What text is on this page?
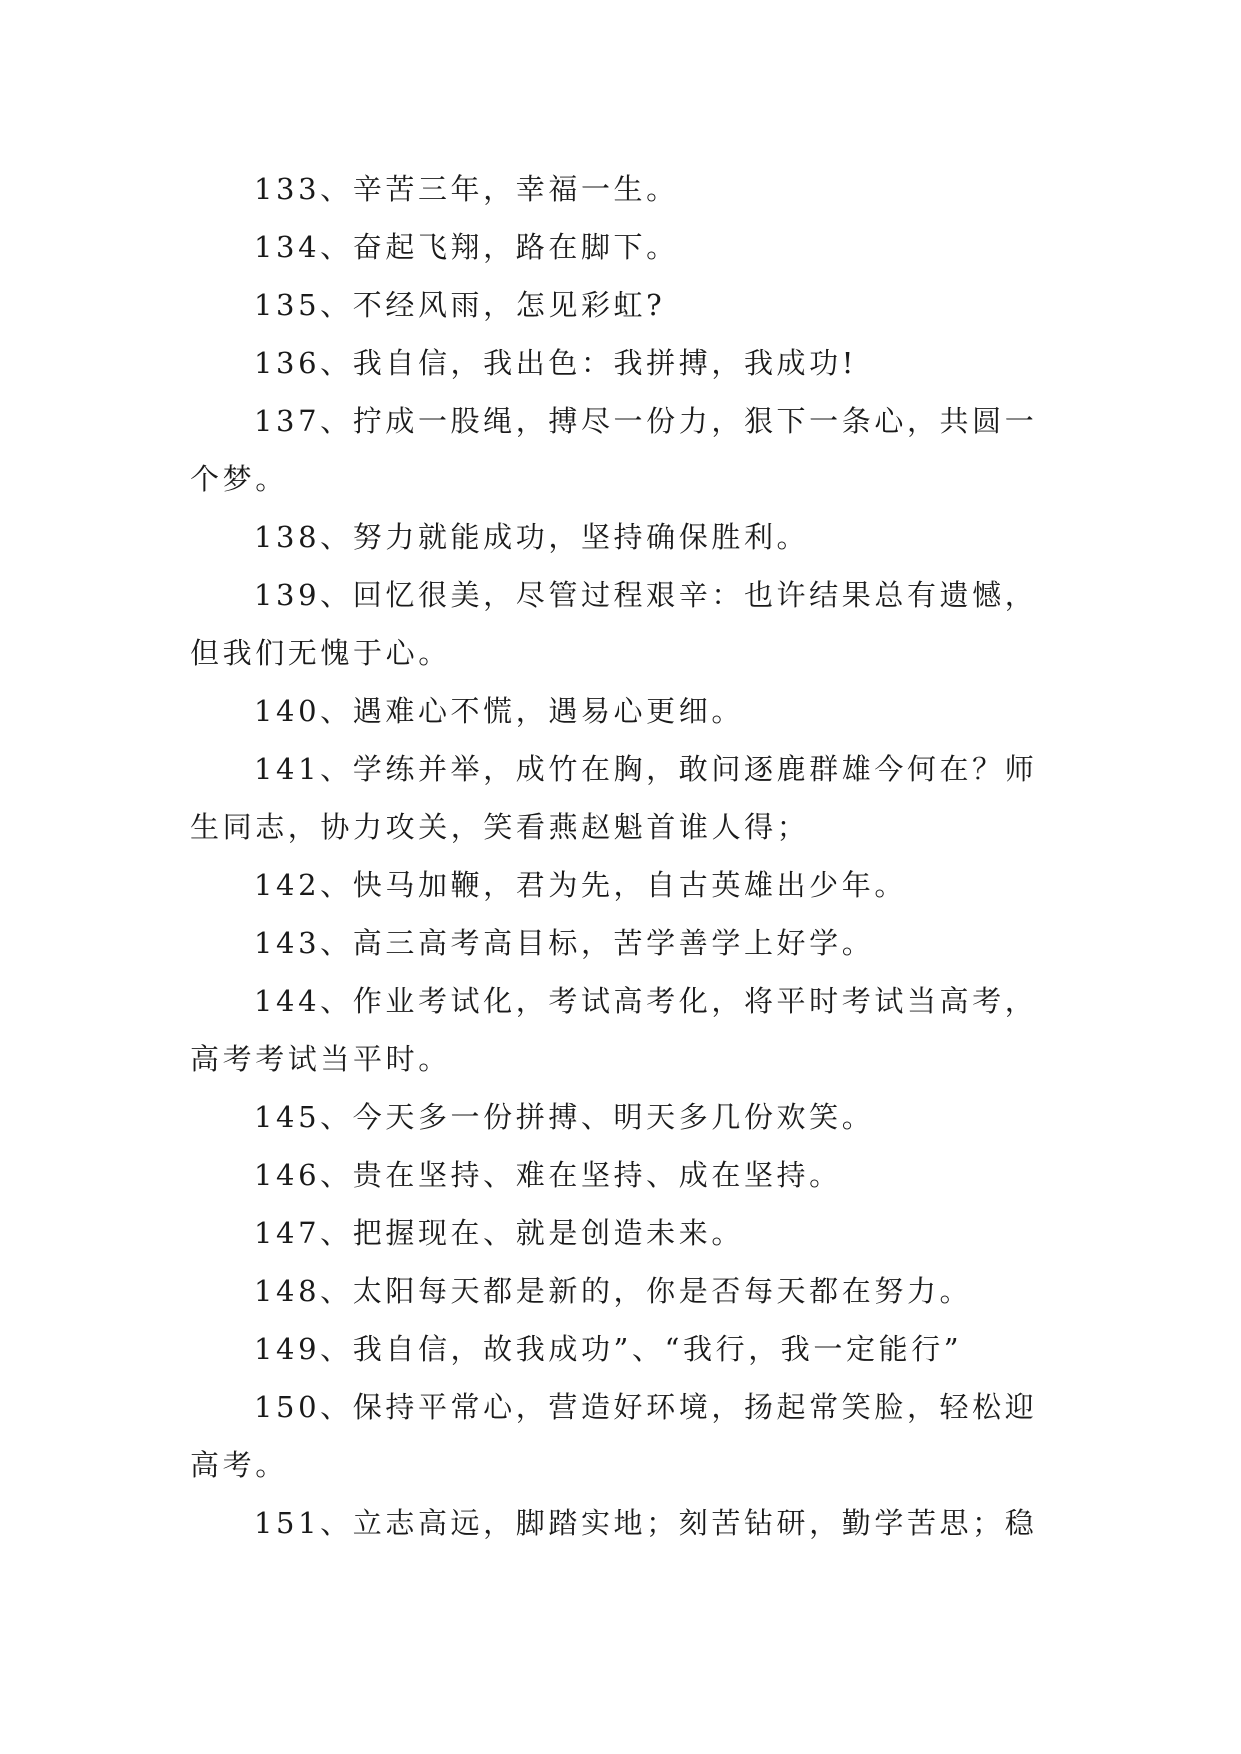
133、辛苦三年，幸福一生。

134、奋起飞翔，路在脚下。

135、不经风雨，怎见彩虹?

136、我自信，我出色：我拼搏，我成功!

137、拧成一股绳，搏尽一份力，狠下一条心，共圆一个梦。

138、努力就能成功，坚持确保胜利。

139、回忆很美，尽管过程艰辛：也许结果总有遗憾，但我们无愧于心。

140、遇难心不慌，遇易心更细。

141、学练并举，成竹在胸，敢问逐鹿群雄今何在？师生同志，协力攻关，笑看燕赵魁首谁人得；

142、快马加鞭，君为先，自古英雄出少年。

143、高三高考高目标，苦学善学上好学。

144、作业考试化，考试高考化，将平时考试当高考，高考考试当平时。

145、今天多一份拼搏、明天多几份欢笑。

146、贵在坚持、难在坚持、成在坚持。

147、把握现在、就是创造未来。

148、太阳每天都是新的，你是否每天都在努力。

149、我自信，故我成功”、“我行，我一定能行”

150、保持平常心，营造好环境，扬起常笑脸，轻松迎高考。

151、立志高远，脚踏实地；刻苦钻研，勤学苦思；稳
